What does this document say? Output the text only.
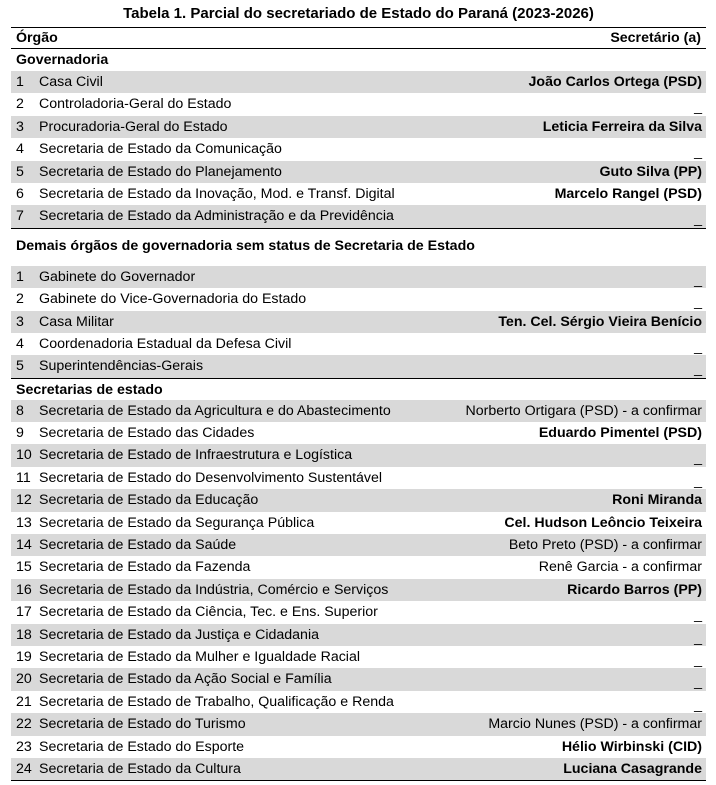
Tabela 1. Parcial do secretariado de Estado do Paraná (2023-2026)
Órgão	Secretário (a)
Governadoria
1	Casa Civil	João Carlos Ortega (PSD)
2	Controladoria-Geral do Estado	_
3	Procuradoria-Geral do Estado	Leticia Ferreira da Silva
4	Secretaria de Estado da Comunicação	_
5	Secretaria de Estado do Planejamento	Guto Silva (PP)
6	Secretaria de Estado da Inovação, Mod. e Transf. Digital	Marcelo Rangel (PSD)
7	Secretaria de Estado da Administração e da Previdência	_
Demais órgãos de governadoria sem status de Secretaria de Estado
1	Gabinete do Governador	_
2	Gabinete do Vice-Governadoria do Estado	_
3	Casa Militar	Ten. Cel. Sérgio Vieira Benício
4	Coordenadoria Estadual da Defesa Civil	_
5	Superintendências-Gerais	_
Secretarias de estado
8	Secretaria de Estado da Agricultura e do Abastecimento	Norberto Ortigara (PSD) - a confirmar
9	Secretaria de Estado das Cidades	Eduardo Pimentel (PSD)
10 Secretaria de Estado de Infraestrutura e Logística	_
11 Secretaria de Estado do Desenvolvimento Sustentável	_
12 Secretaria de Estado da Educação	Roni Miranda
13 Secretaria de Estado da Segurança Pública	Cel. Hudson Leôncio Teixeira
14 Secretaria de Estado da Saúde	Beto Preto (PSD) - a confirmar
15 Secretaria de Estado da Fazenda	Renê Garcia - a confirmar
16 Secretaria de Estado da Indústria, Comércio e Serviços	Ricardo Barros (PP)
17 Secretaria de Estado da Ciência, Tec. e Ens. Superior	_
18 Secretaria de Estado da Justiça e Cidadania	_
19 Secretaria de Estado da Mulher e Igualdade Racial	_
20 Secretaria de Estado da Ação Social e Família	_
21 Secretaria de Estado de Trabalho, Qualificação e Renda	_
22 Secretaria de Estado do Turismo	Marcio Nunes (PSD) - a confirmar
23 Secretaria de Estado do Esporte	Hélio Wirbinski (CID)
24 Secretaria de Estado da Cultura	Luciana Casagrande
